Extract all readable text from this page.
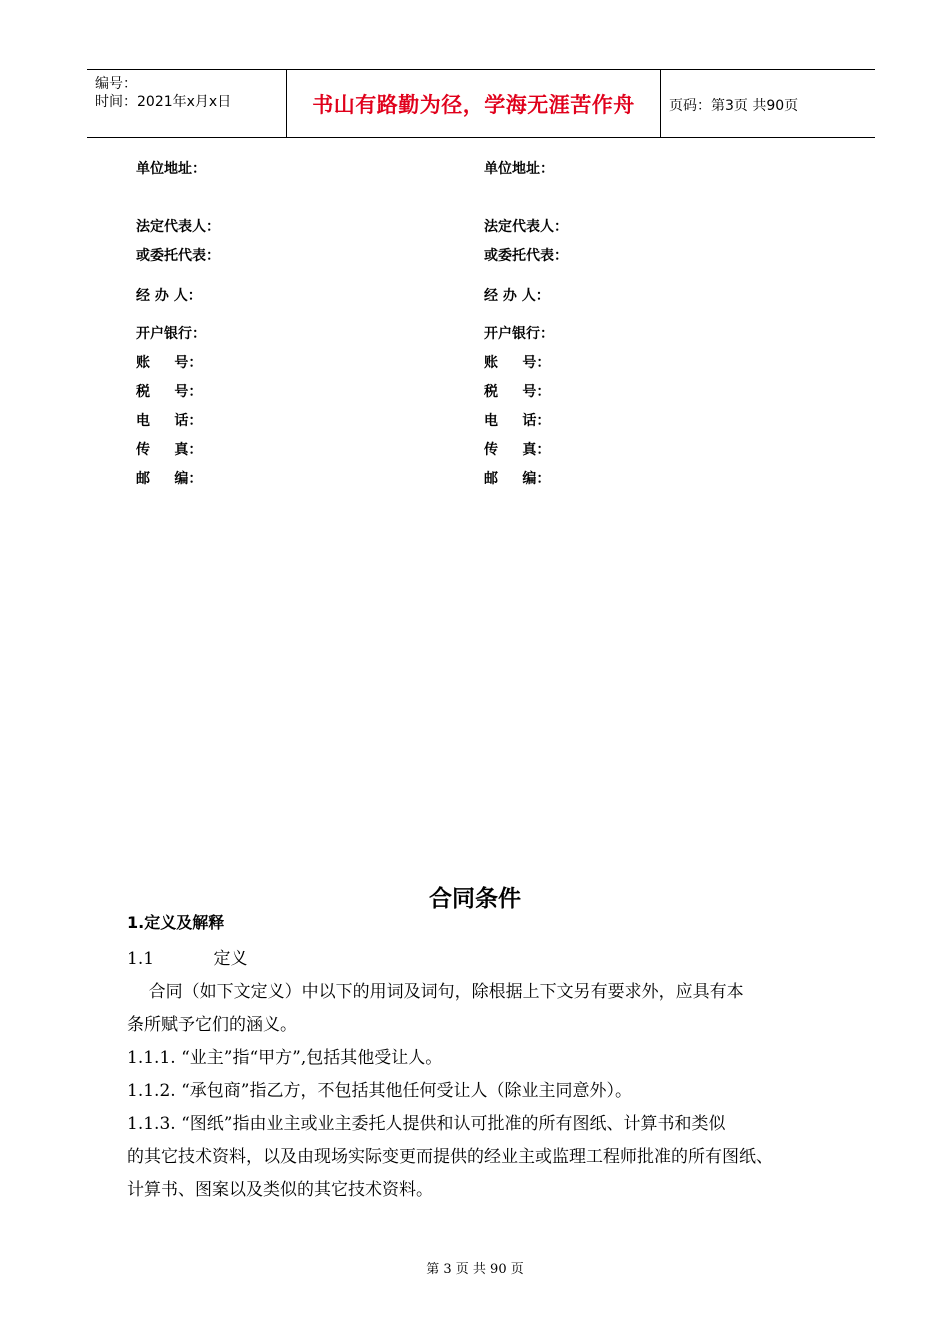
编号：
时间：2021年x月x日	书山有路勤为径，学海无涯苦作舟	页码：第3页 共90页
单位地址：
法定代表人：
或委托代表：
经 办 人：
开户银行：
账     号：
税     号：
电     话：
传     真：
邮     编：
单位地址：
法定代表人：
或委托代表：
经 办 人：
开户银行：
账     号：
税     号：
电     话：
传     真：
邮     编：
合同条件
1.定义及解释
1.1           定义
合同（如下文定义）中以下的用词及词句，除根据上下文另有要求外，应具有本
条所赋予它们的涵义。
1.1.1. “业主”指“甲方”,包括其他受让人。
1.1.2. “承包商”指乙方，不包括其他任何受让人（除业主同意外）。
1.1.3. “图纸”指由业主或业主委托人提供和认可批准的所有图纸、计算书和类似
的其它技术资料，以及由现场实际变更而提供的经业主或监理工程师批准的所有图纸、
计算书、图案以及类似的其它技术资料。
第 3 页 共 90 页
